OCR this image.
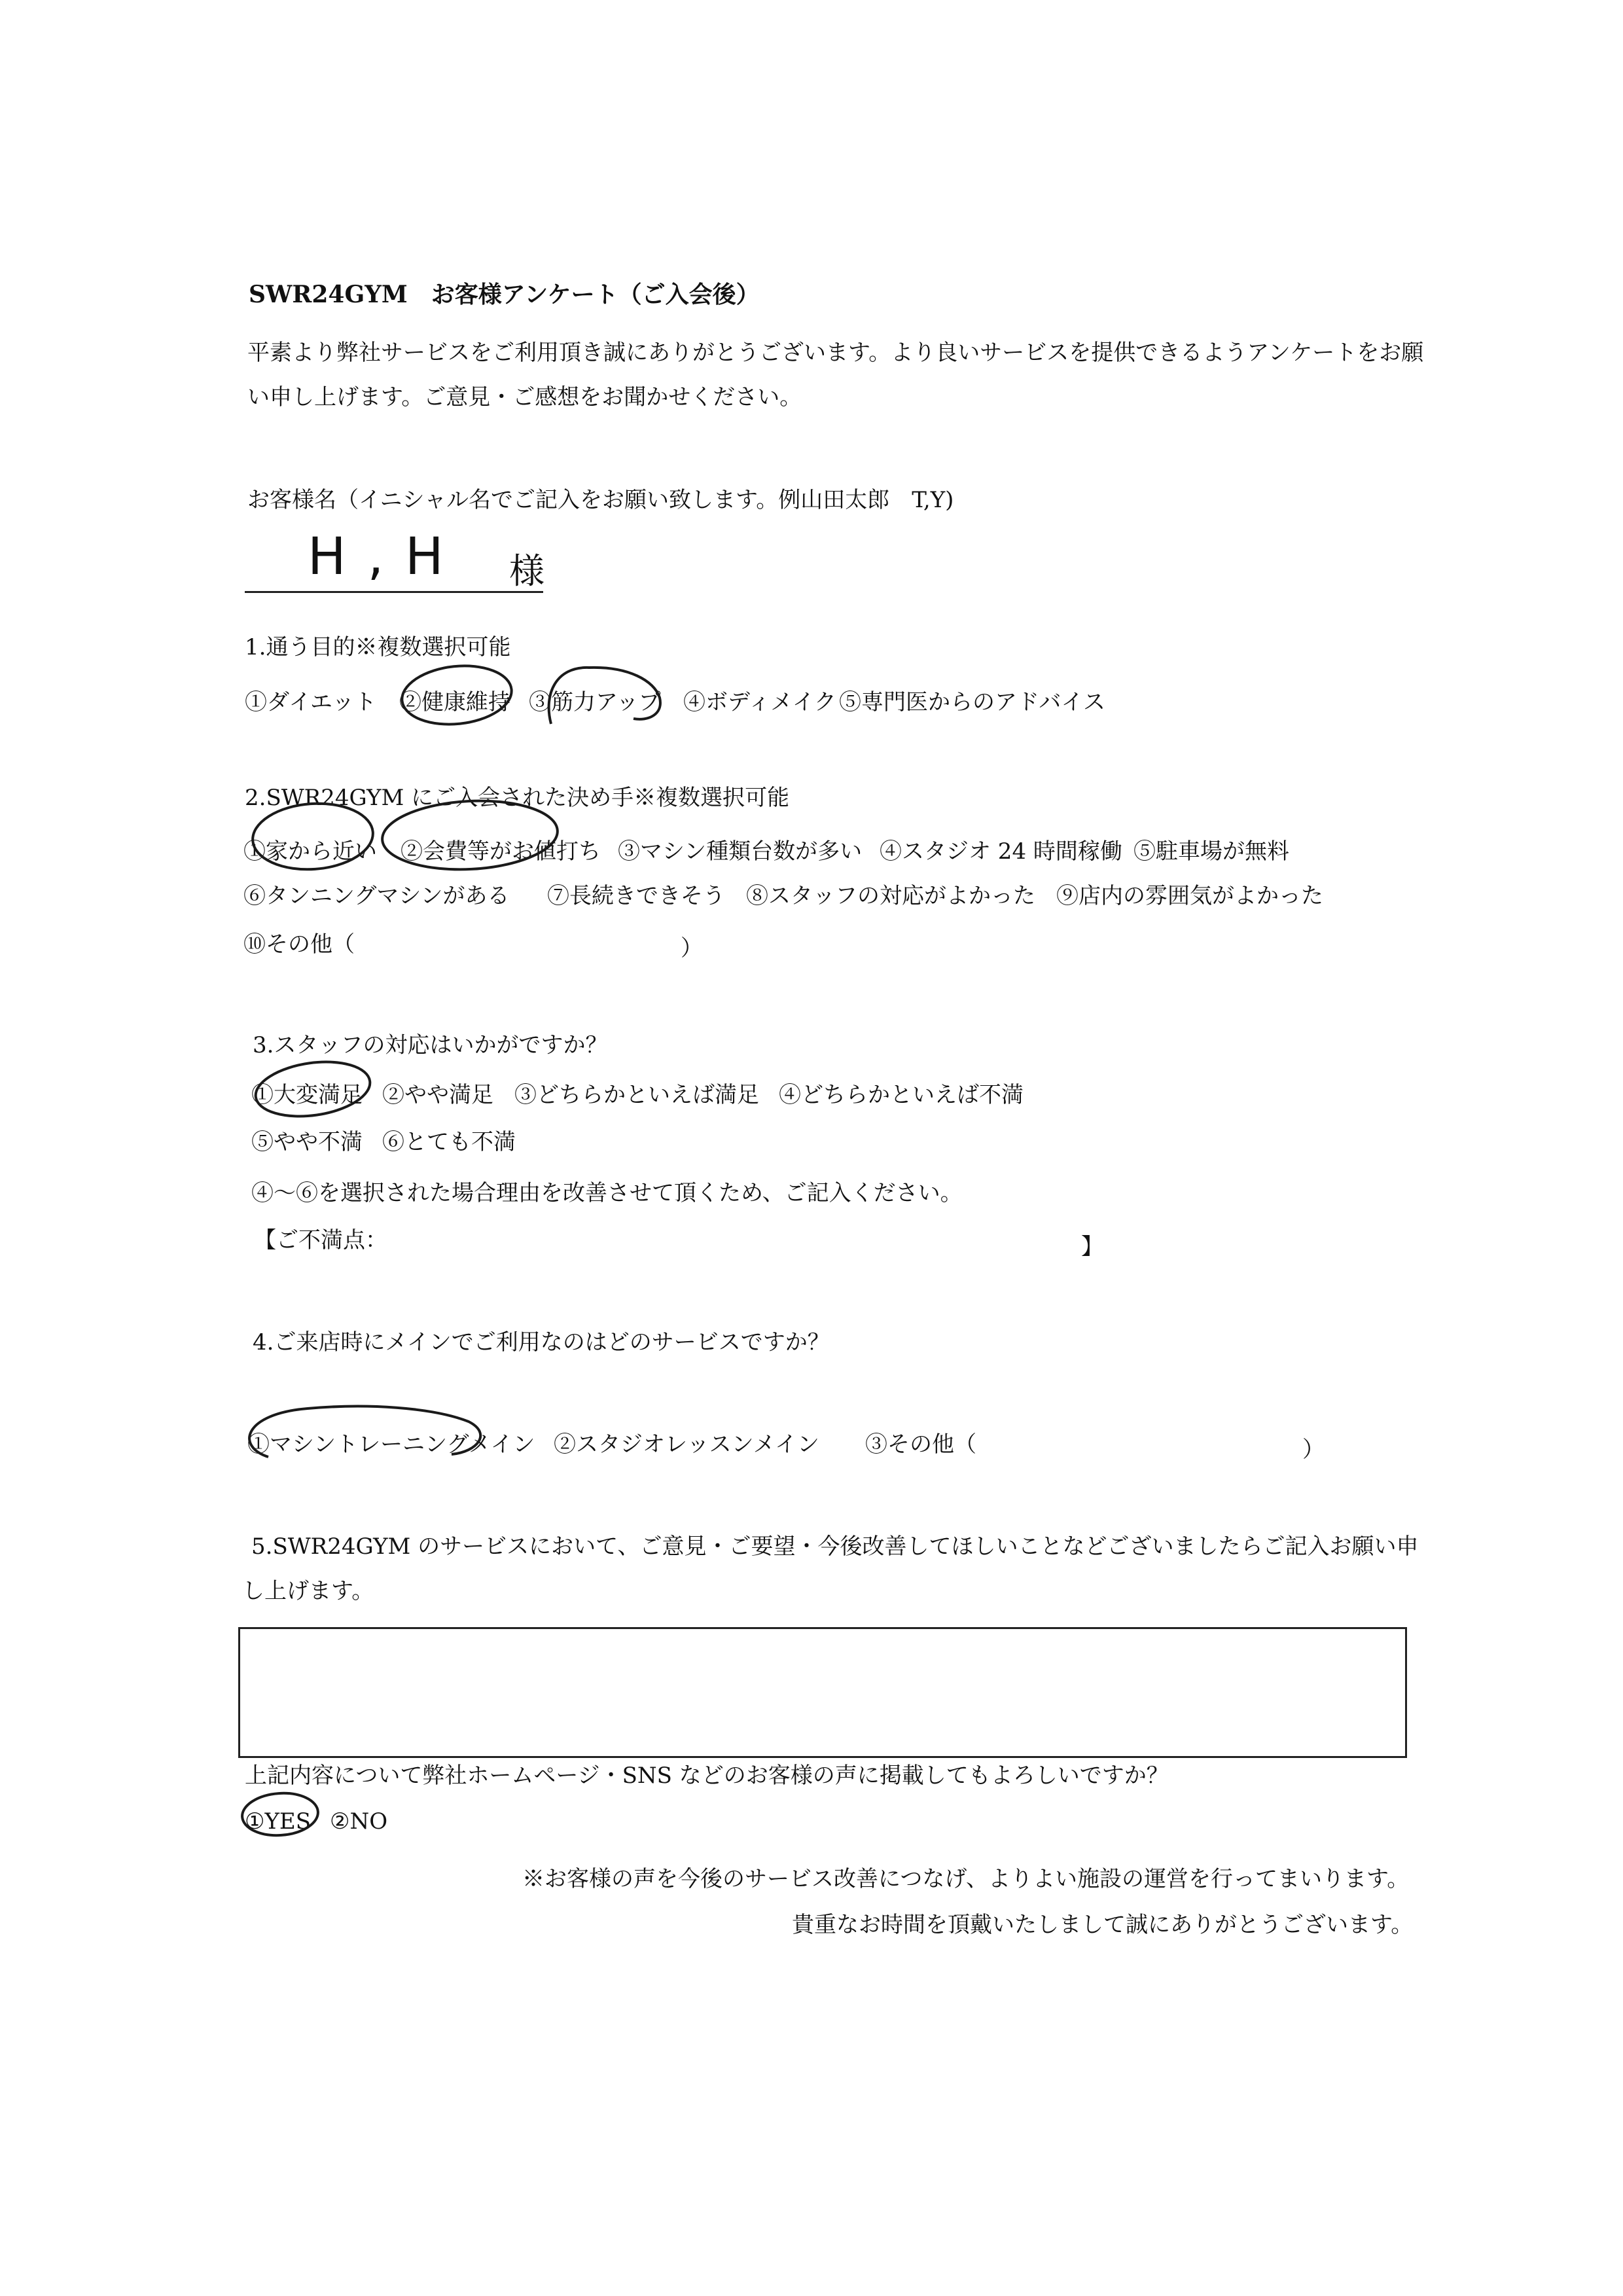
SWR24GYM　お客様アンケート（ご入会後）
平素より弊社サービスをご利用頂き誠にありがとうございます。より良いサービスを提供できるようアンケートをお願
い申し上げます。ご意見・ご感想をお聞かせください。
お客様名（イニシャル名でご記入をお願い致します。例山田太郎　T,Y)
H , H 様
1.通う目的※複数選択可能
①ダイエット ②健康維持 ③筋力アップ ④ボディメイク ⑤専門医からのアドバイス
2.SWR24GYM にご入会された決め手※複数選択可能
①家から近い ②会費等がお値打ち ③マシン種類台数が多い ④スタジオ 24 時間稼働 ⑤駐車場が無料
⑥タンニングマシンがある ⑦長続きできそう ⑧スタッフの対応がよかった ⑨店内の雰囲気がよかった
⑩その他（	）
3.スタッフの対応はいかがですか？
①大変満足 ②やや満足 ③どちらかといえば満足 ④どちらかといえば不満
⑤やや不満 ⑥とても不満
④～⑥を選択された場合理由を改善させて頂くため、ご記入ください。
【ご不満点：	】
4.ご来店時にメインでご利用なのはどのサービスですか？
①マシントレーニングメイン ②スタジオレッスンメイン ③その他（	）
5.SWR24GYM のサービスにおいて、ご意見・ご要望・今後改善してほしいことなどございましたらご記入お願い申
し上げます。
上記内容について弊社ホームページ・SNS などのお客様の声に掲載してもよろしいですか？
①YES ②NO
※お客様の声を今後のサービス改善につなげ、よりよい施設の運営を行ってまいります。
貴重なお時間を頂戴いたしまして誠にありがとうございます。
